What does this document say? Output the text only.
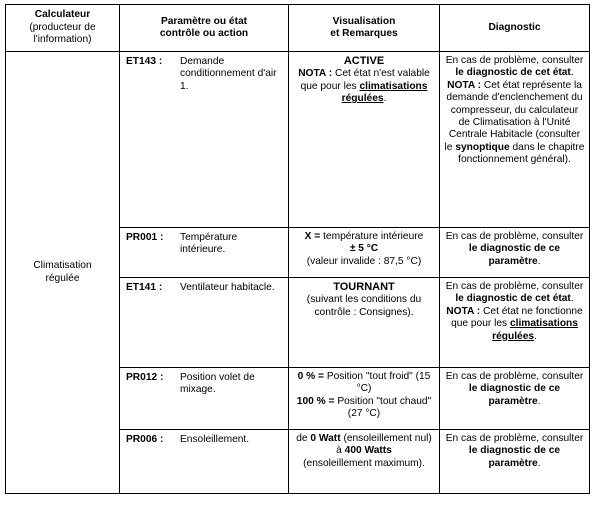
Calculateur
(producteur de
l'information)	Paramètre ou état
contrôle ou action	Visualisation
et Remarques	Diagnostic
Climatisation
régulée	ET143 : Demande conditionnement d'air 1.	ACTIVE
NOTA : Cet état n'est valable que pour les climatisations régulées.	En cas de problème, consulter le diagnostic de cet état.
NOTA : Cet état représente la demande d'enclenchement du compresseur, du calculateur de Climatisation à l'Unité Centrale Habitacle (consulter le synoptique dans le chapitre fonctionnement général).

	PR001 : Température intérieure.	X = température intérieure
± 5 °C
(valeur invalide : 87,5 °C)	En cas de problème, consulter le diagnostic de ce paramètre.

	ET141 : Ventilateur habitacle.	TOURNANT
(suivant les conditions du contrôle : Consignes).	En cas de problème, consulter le diagnostic de cet état.
NOTA : Cet état ne fonctionne que pour les climatisations régulées.

	PR012 : Position volet de mixage.	0 % = Position "tout froid" (15 °C)
100 % = Position "tout chaud" (27 °C)	En cas de problème, consulter le diagnostic de ce paramètre.

	PR006 : Ensoleillement.	de 0 Watt (ensoleillement nul)
à 400 Watts
(ensoleillement maximum).	En cas de problème, consulter le diagnostic de ce paramètre.
